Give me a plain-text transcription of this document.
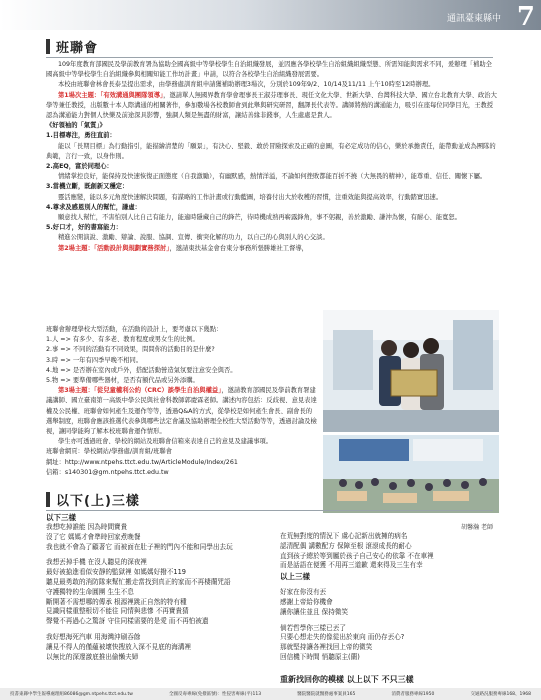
通訊臺東縣中 7
班聯會

109年度教育部國民及學前教育署為協助全國高級中等學校學生自治組織發展，並因應各學校學生自治組織組織型態、所需知能與需求不同，爰辦理「補助全國高級中等學校學生自治組織參與相關知能工作坊計畫」申請，以符合各校學生自治組織發展需要。

本校由班聯會林會長泰呈提出需求，由學務處訓育組申請獲補助辦理3場次，分別於109年9/2、10/14及11/11 上午10時至12時辦理。

第1場次主題：「有效溝通與團隊領導」，邀請單人無國界教育學會理事長王淑芬理事長、現任文化大學、世新大學、台灣科技大學、國立台北教育大學、政治大學等兼任教授，出版數十本人際溝通的相關著作，參加數場各校教師會到此舉與研究研習，翻譯長代表等。講師將熱的溝通能力，吸引在座每位同學目光，王教授認為溝通能力對個人快樂及前途深具影響，強調人類是無盡的財富，讓結善緣非錢事，人生處處是貴人。

《好領袖的「氣質」》

1.目標專注，勇往直前：

能以「長期目標」為行動指引，能描繪清楚的「願景」，有決心、堅毅、敢於冒險探索及正確的意圖，有必定成功的信心，樂於承擔責任，能帶動並成為團隊的典範，言行一致，以身作則。

2.高EQ，富於同理心：

情緒掌控良好，能保持及快速恢復正面態度（自我激勵），有幽默感，熱情洋溢，不論如何挫敗都能百折不撓（大無畏的精神），能尊重、信任、關懷下屬。

3.當機立斷，既創新又穩定：

靈活應變，能以多元角度快速解決問題，有謀略的工作計畫或行動藍圖，培養付出大於收穫的習慣，注重效能與提高效率，行動踏實迅速。

4.尊求及感恩別人的幫忙，謙虛：

願意找人幫忙，不害怕別人比自己有能力，能適時隱藏自己的鋒芒，待時機成熟再嶄露鋒角，事不躬親，善於激勵、謙沖為懷，有耐心、能寬恕。

5.好口才，好的書寫能力：

精進公開演說、激勵、辯論、說服、協調、宣傳、衝突化解的功力，以自己的心與別人的心交談。

第2場主題：「活動設計與規劃實務探討」，邀請東扶基金會台東分事務所張勝雄社工督導，

班聯會辦理學校大型活動，在活動的設計上，要考慮以下幾點：

1.人 => 有多少、有多老、教育程度或男女生的比例。

2.事 => 不同的活動有不同效果，問問你的活動目的是什麼?

3.時 => 一年有四季早晚不相同。

4.地 => 是否辦在室內或戶外，搭配活動營造氣氛要注意安全與否。

5.物 => 要準備哪些器材，是否有額代品或另外添購。

第3場主題：「從兒童權利公約（CRC）談學生自治與權益」，邀請教育部國民及學前教育署建議講師、國立臺南第一高級中學公民與社會科教師郭慶霖老師。講述內容包括：反歧視、意見表達權及公民權、班聯會如何產生及運作等等，透過Q&A的方式，從學校是如何產生會長、副會長的選舉制度，班聯會應該推選代表參與哪些法定會議及協助辦理全校性大型活動等等，透過討論及檢視，讓同學能夠了解本校班聯會運作情形。

學生亦可透過班會、學校的網站及班聯會信箱來表達自己的意見及建議事項。

班聯會網頁：學校網站/學務處/訓育組/班聯會

網址：http://www.ntpehs.ttct.edu.tw/ArticleModule/Index/261

信箱：s140301@gm.ntpehs.ttct.edu.tw

以下(上)三樣
胡馨瀚 老師

以下三樣

我想吃掉誰能 因為時間寶貴

沒了它 媽媽才會準時回家煮晚餐

我也就不會為了顧著它 而被面在肚子裡的門內不能和同學出去玩

我想丟掉手機 在沒人聽見的深夜裡

最好被搶進看似安靜的監獄裡 如媽媽好撥不119

聽見最勇敢的消防隊來幫忙搬走當找到真正的家而不再棲蘭咒語

守護獨特的生命圓團 生生不息

斷開著不需想哪的傳承 根源裡跳正自然的特有種

見識同樣重整根切不能往 同情與悲慘 不再寶貴猜

聲覺不再過心之驚訝 守住同樣需要的是愛 而不再怕被遺

我好想海死汽車 用海灣沖刷吞餘

讓見不得人的僅蘊被壞快搜放入深不見底的海溝裡

以無比的深邃激底推出偷懶夫婦

在荒無對度的情況下 虞心記新出就擁的病名

認清配偶 講數配方 保障至根 滾滾成長的耐心

直到孩子總於等到屬於孩子自己安心的依靠 不在車裡

而是話語在便獲 不用再三道歉 還來得及三生有幸

以上三樣

好家在你沒有丟

感謝上帝給你機會

讓你讓住並且 保持微笑

倘若哲學你三樣已丟了

只要心想走失的像從出於東向 而仍存丟心?

那就堅持讓各裡找回上帝的微笑

回信機下時間 悄聽原主(蘭)

重新找回你的模樣 以上以下 不只三樣

投書東縣中學生報導處理組86086@gm.ntpehs.ttct.edu.tw	全國反毒專線(免撥區號)：性侵害專線(平)113	醫院醫院就醫務處事案員165	消費者服務專線1950	交通路況服務專線168、1968
